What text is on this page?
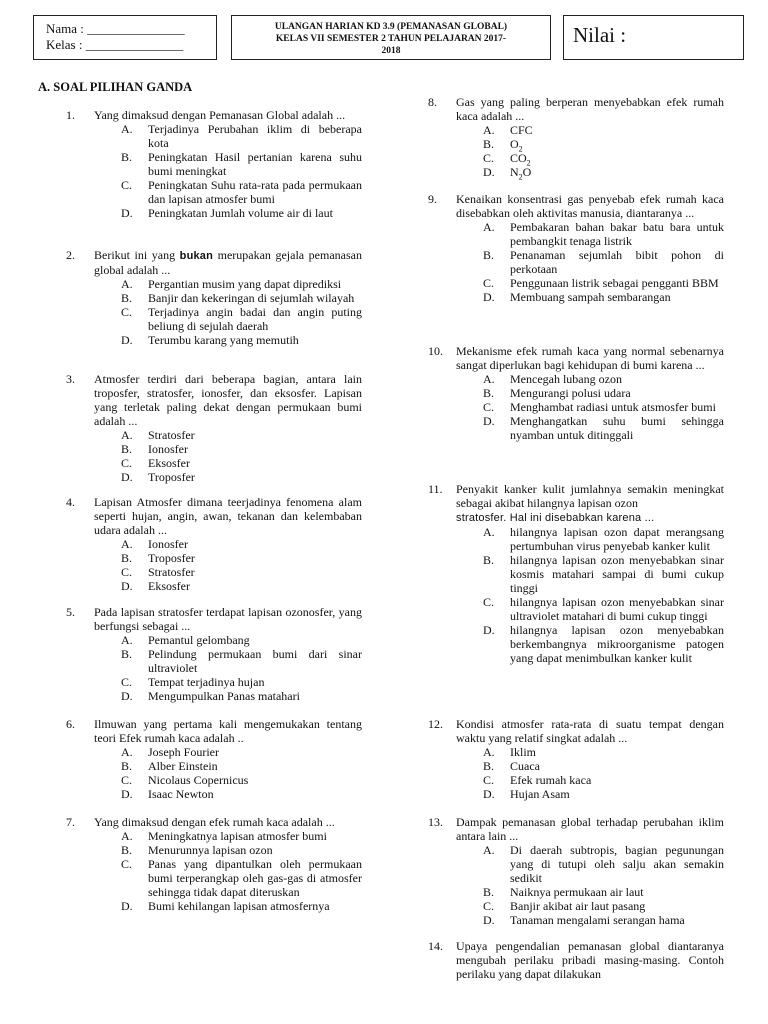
Nama : _______________
Kelas : _______________
ULANGAN HARIAN KD 3.9 (PEMANASAN GLOBAL)
KELAS VII SEMESTER 2 TAHUN PELAJARAN 2017-
2018
Nilai :
A. SOAL PILIHAN GANDA
1. Yang dimaksud dengan Pemanasan Global adalah ...
A. Terjadinya Perubahan iklim di beberapa kota
B. Peningkatan Hasil pertanian karena suhu bumi meningkat
C. Peningkatan Suhu rata-rata pada permukaan dan lapisan atmosfer bumi
D. Peningkatan Jumlah volume air di laut
2. Berikut ini yang bukan merupakan gejala pemanasan global adalah ...
A. Pergantian musim yang dapat diprediksi
B. Banjir dan kekeringan di sejumlah wilayah
C. Terjadinya angin badai dan angin puting beliung di sejulah daerah
D. Terumbu karang yang memutih
3. Atmosfer terdiri dari beberapa bagian, antara lain troposfer, stratosfer, ionosfer, dan eksosfer. Lapisan yang terletak paling dekat dengan permukaan bumi adalah ...
A. Stratosfer
B. Ionosfer
C. Eksosfer
D. Troposfer
4. Lapisan Atmosfer dimana teerjadinya fenomena alam seperti hujan, angin, awan, tekanan dan kelembaban udara adalah ...
A. Ionosfer
B. Troposfer
C. Stratosfer
D. Eksosfer
5. Pada lapisan stratosfer terdapat lapisan ozonosfer, yang berfungsi sebagai ...
A. Pemantul gelombang
B. Pelindung permukaan bumi dari sinar ultraviolet
C. Tempat terjadinya hujan
D. Mengumpulkan Panas matahari
6. Ilmuwan yang pertama kali mengemukakan tentang teori Efek rumah kaca adalah ..
A. Joseph Fourier
B. Alber Einstein
C. Nicolaus Copernicus
D. Isaac Newton
7. Yang dimaksud dengan efek rumah kaca adalah ...
A. Meningkatnya lapisan atmosfer bumi
B. Menurunnya lapisan ozon
C. Panas yang dipantulkan oleh permukaan bumi terperangkap oleh gas-gas di atmosfer sehingga tidak dapat diteruskan
D. Bumi kehilangan lapisan atmosfernya
8. Gas yang paling berperan menyebabkan efek rumah kaca adalah ...
A. CFC
B. $O_2$
C. $CO_2$
D. $N_2O$
9. Kenaikan konsentrasi gas penyebab efek rumah kaca disebabkan oleh aktivitas manusia, diantaranya ...
A. Pembakaran bahan bakar batu bara untuk pembangkit tenaga listrik
B. Penanaman sejumlah bibit pohon di perkotaan
C. Penggunaan listrik sebagai pengganti BBM
D. Membuang sampah sembarangan
10. Mekanisme efek rumah kaca yang normal sebenarnya sangat diperlukan bagi kehidupan di bumi karena ...
A. Mencegah lubang ozon
B. Mengurangi polusi udara
C. Menghambat radiasi untuk atsmosfer bumi
D. Menghangatkan suhu bumi sehingga nyamban untuk ditinggali
11. Penyakit kanker kulit jumlahnya semakin meningkat sebagai akibat hilangnya lapisan ozon
stratosfer. Hal ini disebabkan karena ...
A. hilangnya lapisan ozon dapat merangsang pertumbuhan virus penyebab kanker kulit
B. hilangnya lapisan ozon menyebabkan sinar kosmis matahari sampai di bumi cukup tinggi
C. hilangnya lapisan ozon menyebabkan sinar ultraviolet matahari di bumi cukup tinggi
D. hilangnya lapisan ozon menyebabkan berkembangnya mikroorganisme patogen yang dapat menimbulkan kanker kulit
12. Kondisi atmosfer rata-rata di suatu tempat dengan waktu yang relatif singkat adalah ...
A. Iklim
B. Cuaca
C. Efek rumah kaca
D. Hujan Asam
13. Dampak pemanasan global terhadap perubahan iklim antara lain ...
A. Di daerah subtropis, bagian pegunungan yang di tutupi oleh salju akan semakin sedikit
B. Naiknya permukaan air laut
C. Banjir akibat air laut pasang
D. Tanaman mengalami serangan hama
14. Upaya pengendalian pemanasan global diantaranya mengubah perilaku pribadi masing-masing. Contoh perilaku yang dapat dilakukan
